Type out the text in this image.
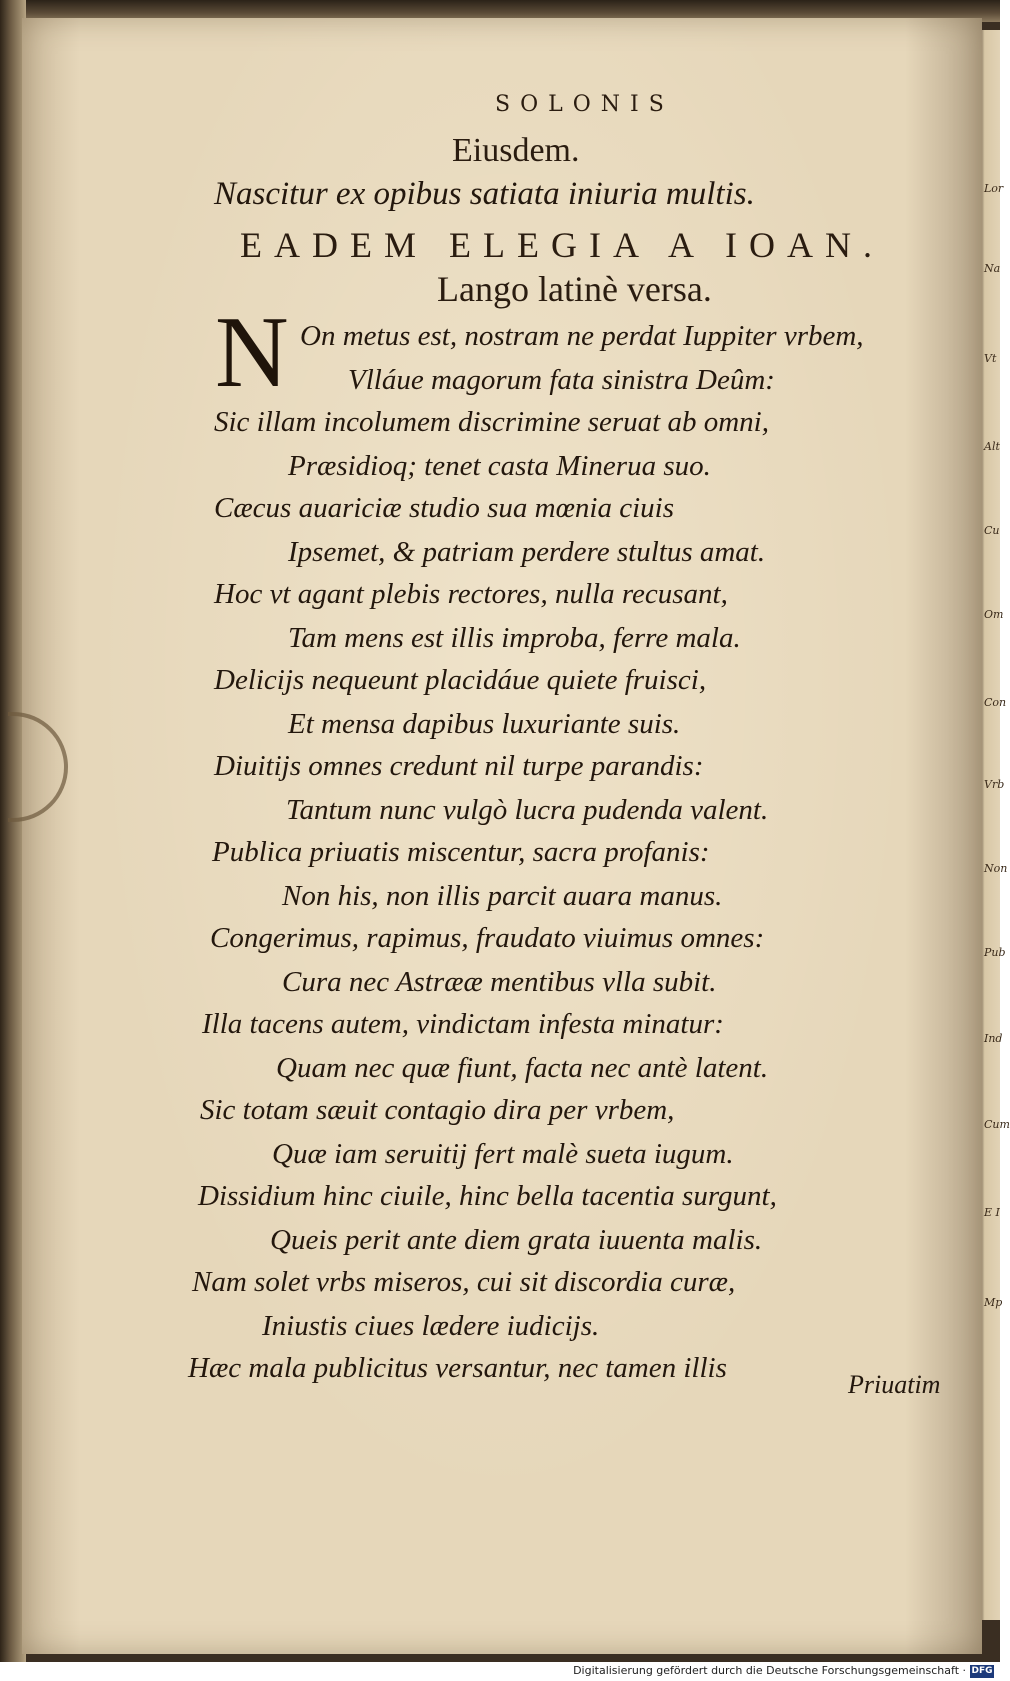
Lor
Na
Vt
Alt
Cu
Om
Con
Vrb
Non
Pub
Ind
Cum
E I
Mp
SOLONIS
Eiusdem.
Nascitur ex opibus satiata iniuria multis.
EADEM ELEGIA A IOAN.
Lango latinè versa.
N On metus est, nostram ne perdat Iuppiter vrbem,
Vlláue magorum fata sinistra Deûm:
Sic illam incolumem discrimine seruat ab omni,
Præsidioq; tenet casta Minerua suo.
Cæcus auariciæ studio sua mœnia ciuis
Ipsemet, & patriam perdere stultus amat.
Hoc vt agant plebis rectores, nulla recusant,
Tam mens est illis improba, ferre mala.
Delicijs nequeunt placidáue quiete fruisci,
Et mensa dapibus luxuriante suis.
Diuitijs omnes credunt nil turpe parandis:
Tantum nunc vulgò lucra pudenda valent.
Publica priuatis miscentur, sacra profanis:
Non his, non illis parcit auara manus.
Congerimus, rapimus, fraudato viuimus omnes:
Cura nec Astrææ mentibus vlla subit.
Illa tacens autem, vindictam infesta minatur:
Quam nec quæ fiunt, facta nec antè latent.
Sic totam sæuit contagio dira per vrbem,
Quæ iam seruitij fert malè sueta iugum.
Dissidium hinc ciuile, hinc bella tacentia surgunt,
Queis perit ante diem grata iuuenta malis.
Nam solet vrbs miseros, cui sit discordia curæ,
Iniustis ciues lædere iudicijs.
Hæc mala publicitus versantur, nec tamen illis
Priuatim
Digitalisierung gefördert durch die Deutsche Forschungsgemeinschaft · DFG
